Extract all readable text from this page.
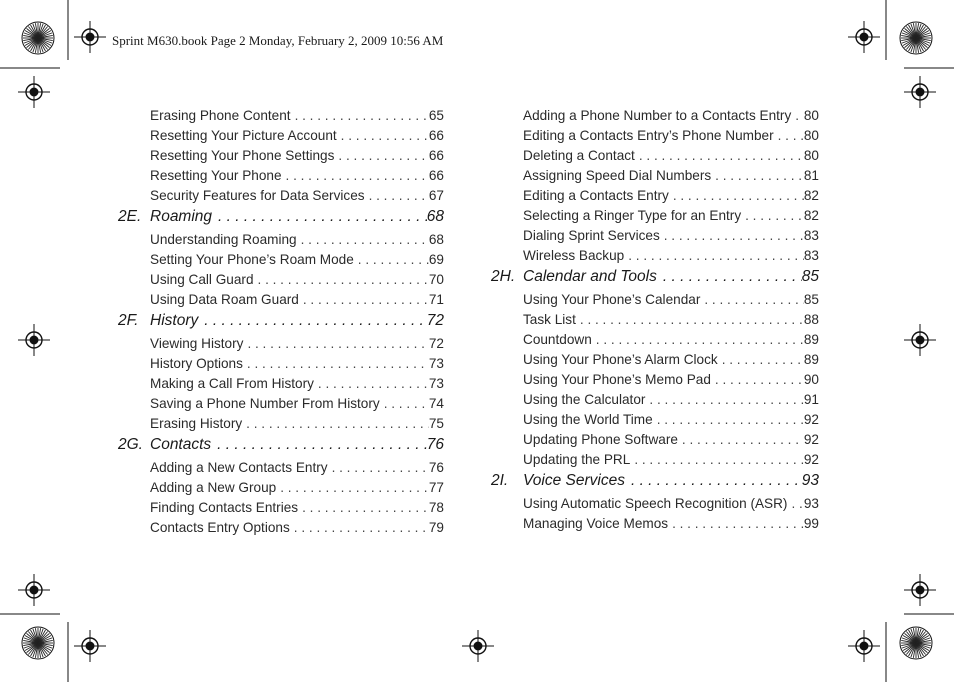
Sprint M630.book Page 2 Monday, February 2, 2009 10:56 AM
Erasing Phone Content . . .	65
Resetting Your Picture Account . . .	66
Resetting Your Phone Settings . . .	66
Resetting Your Phone . . .	66
Security Features for Data Services . . .	67
2E. Roaming . . .	68
Understanding Roaming . . .	68
Setting Your Phone’s Roam Mode . . .	69
Using Call Guard . . .	70
Using Data Roam Guard . . .	71
2F. History . . .	72
Viewing History . . .	72
History Options . . .	73
Making a Call From History . . .	73
Saving a Phone Number From History . . .	74
Erasing History . . .	75
2G. Contacts . . .	76
Adding a New Contacts Entry . . .	76
Adding a New Group . . .	77
Finding Contacts Entries . . .	78
Contacts Entry Options . . .	79
Adding a Phone Number to a Contacts Entry . . . 80
Editing a Contacts Entry’s Phone Number . . . 80
Deleting a Contact . . .	80
Assigning Speed Dial Numbers . . .	81
Editing a Contacts Entry . . .	82
Selecting a Ringer Type for an Entry . . .	82
Dialing Sprint Services . . .	83
Wireless Backup . . .	83
2H. Calendar and Tools . . .	85
Using Your Phone’s Calendar . . .	85
Task List . . .	88
Countdown . . .	89
Using Your Phone’s Alarm Clock . . .	89
Using Your Phone’s Memo Pad . . .	90
Using the Calculator . . .	91
Using the World Time . . .	92
Updating Phone Software . . .	92
Updating the PRL . . .	92
2I. Voice Services . . .	93
Using Automatic Speech Recognition (ASR) . . . 93
Managing Voice Memos . . .	99
